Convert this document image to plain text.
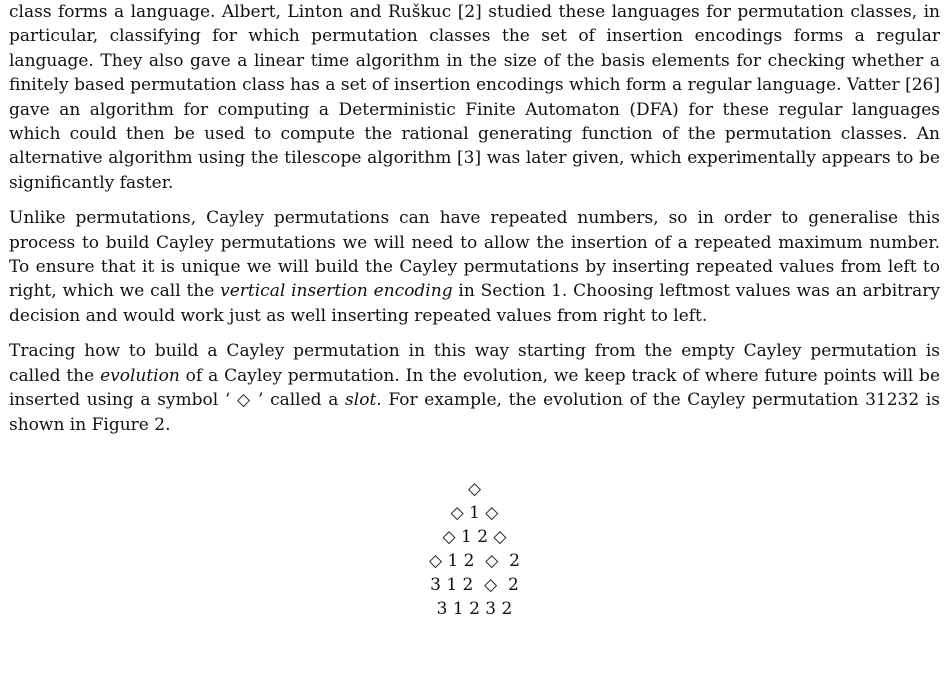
class forms a language. Albert, Linton and Ruškuc [2] studied these languages for permutation classes, in particular, classifying for which permutation classes the set of insertion encodings forms a regular language. They also gave a linear time algorithm in the size of the basis elements for checking whether a finitely based permutation class has a set of insertion encodings which form a regular language. Vatter [26] gave an algorithm for computing a Deterministic Finite Automaton (DFA) for these regular languages which could then be used to compute the rational generating function of the permutation classes. An alternative algorithm using the tilescope algorithm [3] was later given, which experimentally appears to be significantly faster.

Unlike permutations, Cayley permutations can have repeated numbers, so in order to generalise this process to build Cayley permutations we will need to allow the insertion of a repeated maximum number. To ensure that it is unique we will build the Cayley permutations by inserting repeated values from left to right, which we call the vertical insertion encoding in Section 1. Choosing leftmost values was an arbitrary decision and would work just as well inserting repeated values from right to left.

Tracing how to build a Cayley permutation in this way starting from the empty Cayley permutation is called the evolution of a Cayley permutation. In the evolution, we keep track of where future points will be inserted using a symbol ‘ ◇ ’ called a slot. For example, the evolution of the Cayley permutation 31232 is shown in Figure 2.

◇
◇ 1 ◇
◇ 1 2 ◇
◇ 1 2  ◇  2
3 1 2  ◇  2
3 1 2 3 2
